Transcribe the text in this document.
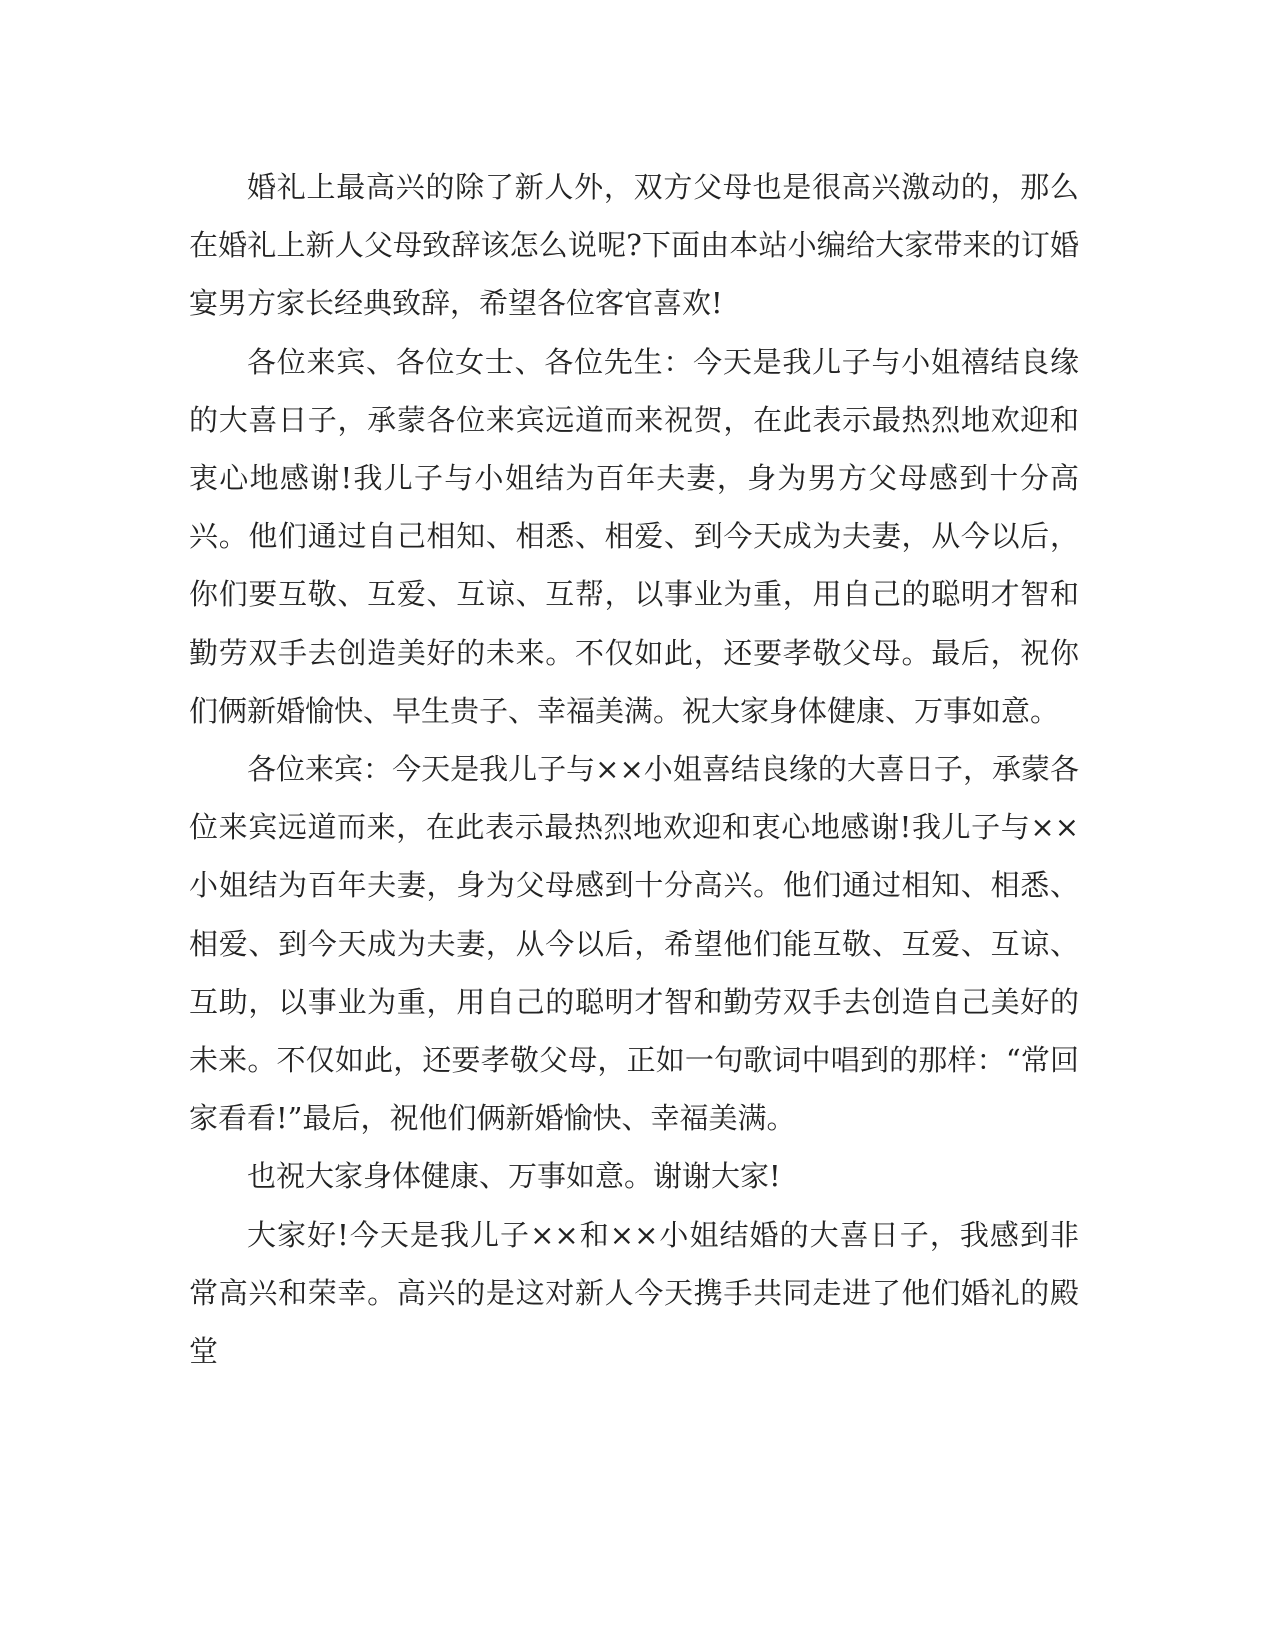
婚礼上最高兴的除了新人外，双方父母也是很高兴激动的，那么在婚礼上新人父母致辞该怎么说呢?下面由本站小编给大家带来的订婚宴男方家长经典致辞，希望各位客官喜欢!

各位来宾、各位女士、各位先生：今天是我儿子与小姐禧结良缘的大喜日子，承蒙各位来宾远道而来祝贺，在此表示最热烈地欢迎和衷心地感谢!我儿子与小姐结为百年夫妻，身为男方父母感到十分高兴。他们通过自己相知、相悉、相爱、到今天成为夫妻，从今以后，你们要互敬、互爱、互谅、互帮，以事业为重，用自己的聪明才智和勤劳双手去创造美好的未来。不仅如此，还要孝敬父母。最后，祝你们俩新婚愉快、早生贵子、幸福美满。祝大家身体健康、万事如意。

各位来宾：今天是我儿子与××小姐喜结良缘的大喜日子，承蒙各位来宾远道而来，在此表示最热烈地欢迎和衷心地感谢!我儿子与××小姐结为百年夫妻，身为父母感到十分高兴。他们通过相知、相悉、相爱、到今天成为夫妻，从今以后，希望他们能互敬、互爱、互谅、互助，以事业为重，用自己的聪明才智和勤劳双手去创造自己美好的未来。不仅如此，还要孝敬父母，正如一句歌词中唱到的那样：“常回家看看!”最后，祝他们俩新婚愉快、幸福美满。

也祝大家身体健康、万事如意。谢谢大家!

大家好!今天是我儿子××和××小姐结婚的大喜日子，我感到非常高兴和荣幸。高兴的是这对新人今天携手共同走进了他们婚礼的殿堂
